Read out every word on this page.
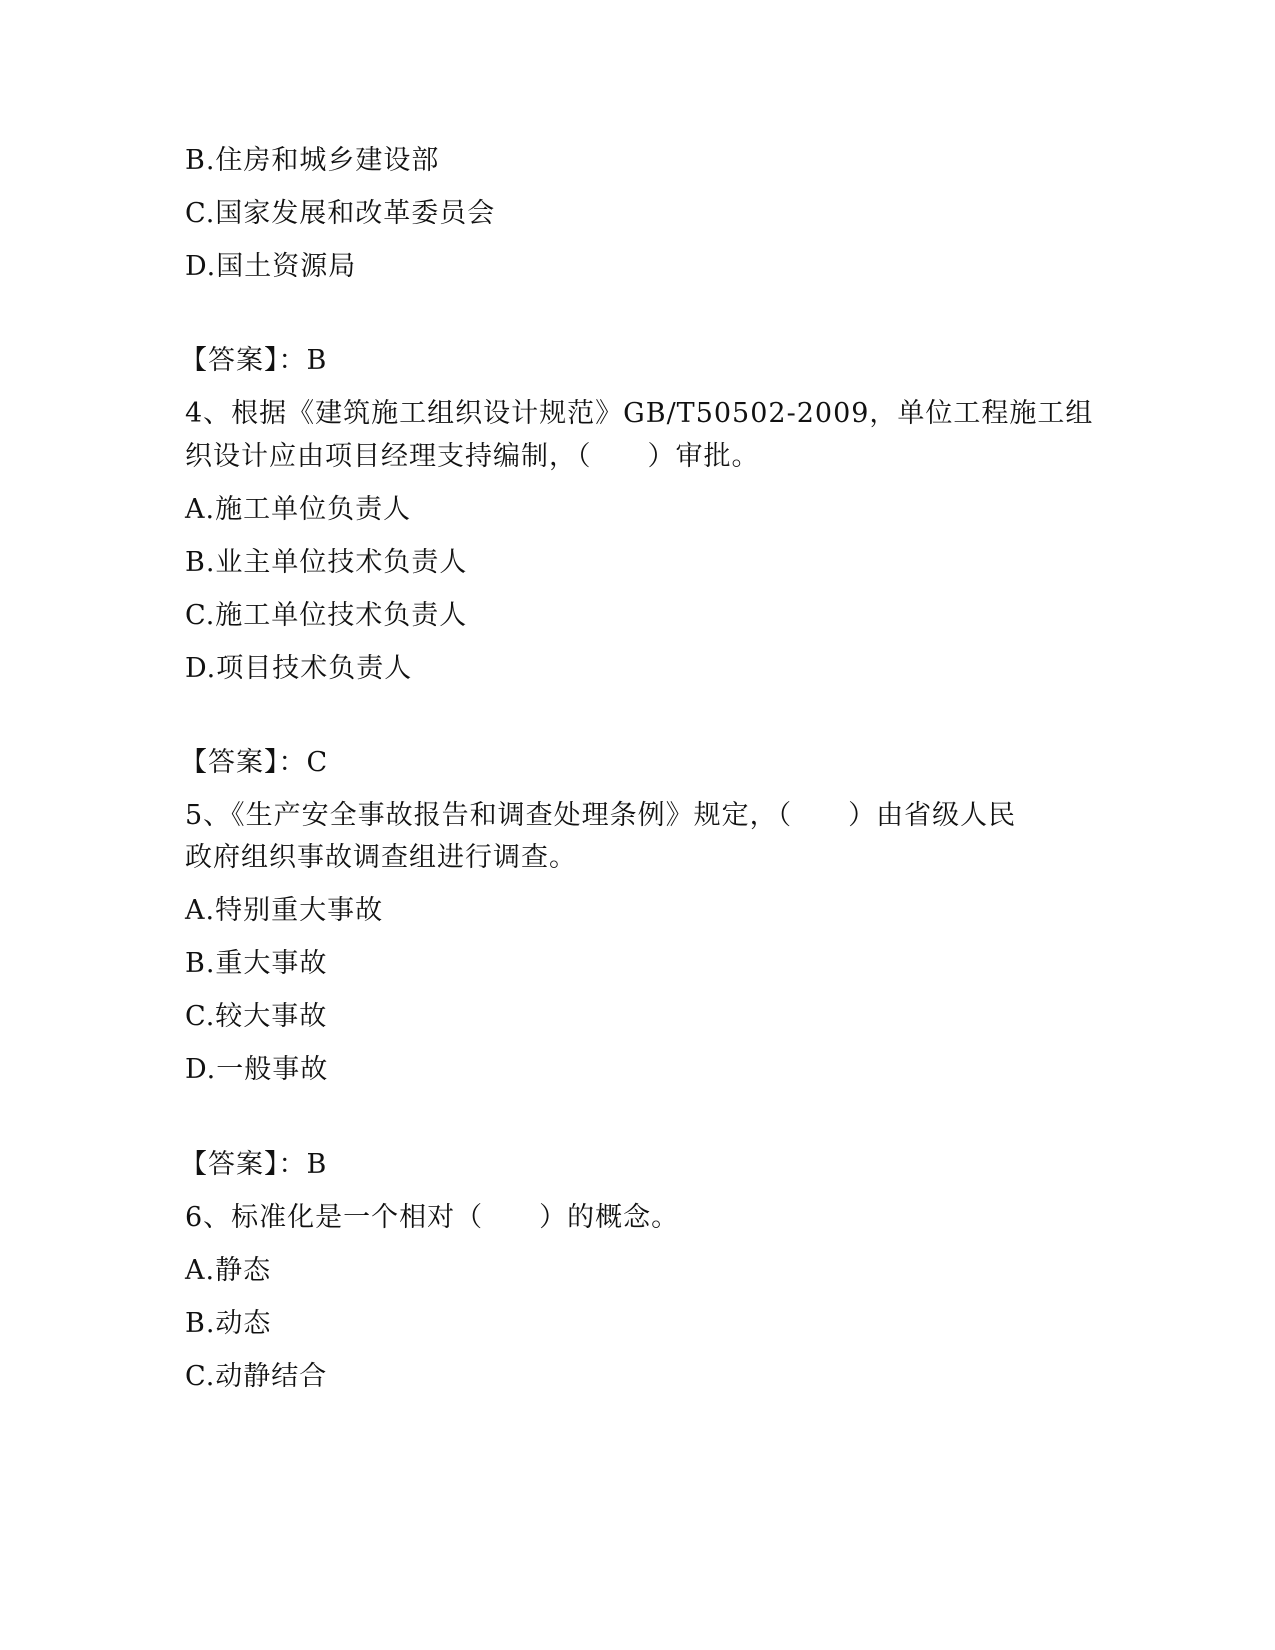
B.住房和城乡建设部

C.国家发展和改革委员会

D.国土资源局

【答案】：B

4、根据《建筑施工组织设计规范》GB/T50502-2009，单位工程施工组

织设计应由项目经理支持编制，（　　）审批。

A.施工单位负责人

B.业主单位技术负责人

C.施工单位技术负责人

D.项目技术负责人

【答案】：C

5、《生产安全事故报告和调查处理条例》规定，（　　）由省级人民

政府组织事故调查组进行调查。

A.特别重大事故

B.重大事故

C.较大事故

D.一般事故

【答案】：B

6、标准化是一个相对（　　）的概念。

A.静态

B.动态

C.动静结合
